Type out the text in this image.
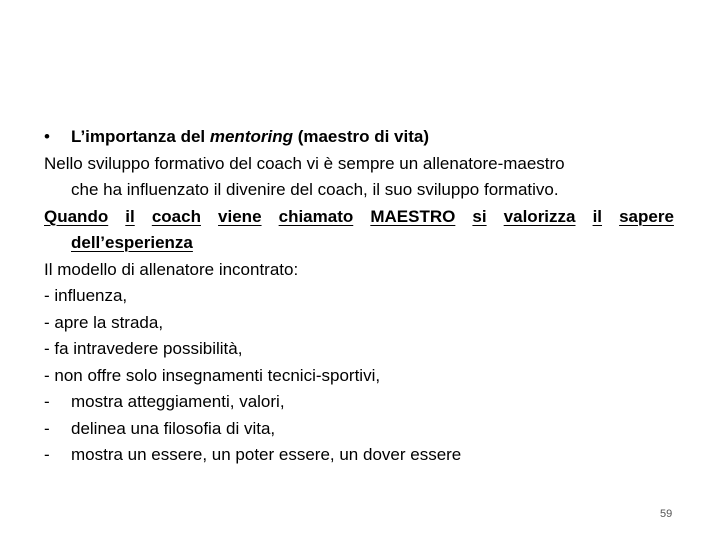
• L’importanza del mentoring (maestro di vita)
Nello sviluppo formativo del coach vi è sempre un allenatore-maestro
che ha influenzato il divenire del coach, il suo sviluppo formativo.
Quando il coach viene chiamato MAESTRO si valorizza il sapere
dell’esperienza
Il modello di allenatore incontrato:
- influenza,
- apre la strada,
- fa intravedere possibilità,
- non offre solo insegnamenti tecnici-sportivi,
- mostra atteggiamenti, valori,
- delinea una filosofia di vita,
- mostra un essere, un poter essere, un dover essere
59
